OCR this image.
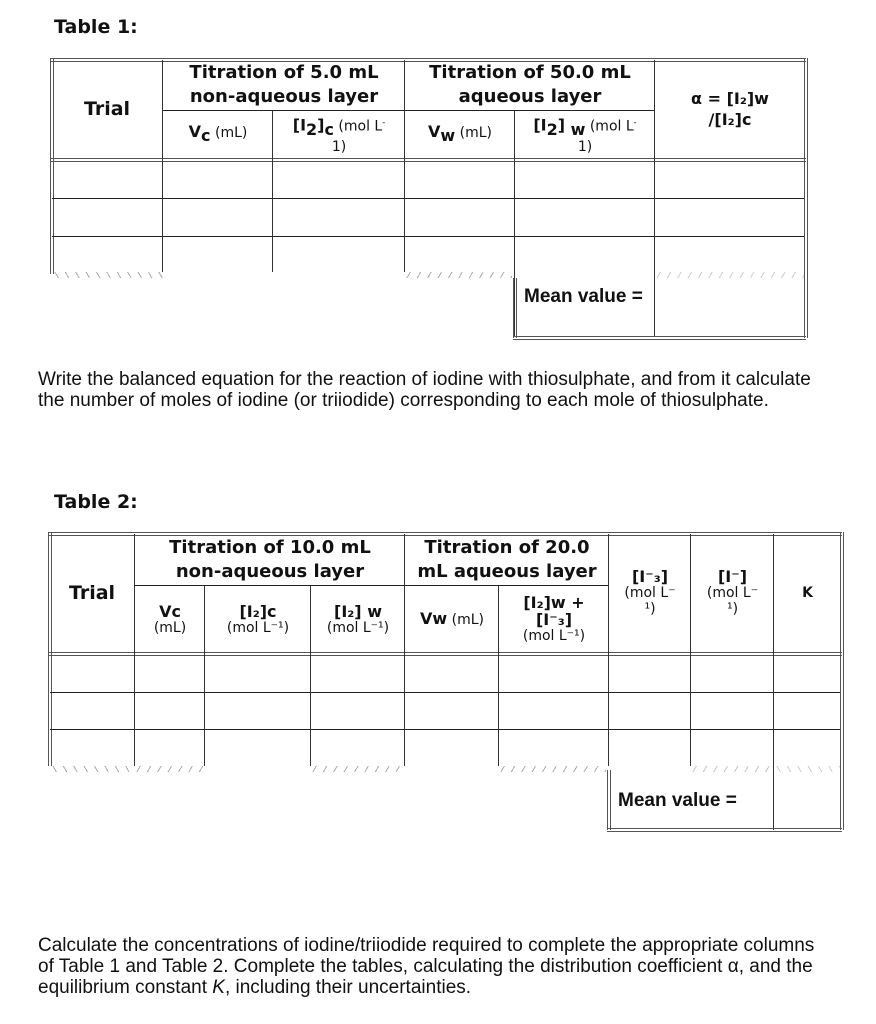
Table 1:
Trial
Titration of 5.0 mL non-aqueous layer
Titration of 50.0 mL aqueous layer
$V_c$ (mL)	$[I_2]_c$ (mol L-
1)
$V_w$ (mL)	$[I_2]$ $_w$ (mol L-
1)
α = [I₂]w
/[I₂]c
Mean value =
Write the balanced equation for the reaction of iodine with thiosulphate, and from it calculate the number of moles of iodine (or triiodide) corresponding to each mole of thiosulphate.
Table 2:
Trial
Titration of 10.0 mL non-aqueous layer
Titration of 20.0 mL aqueous layer
Vc
(mL)
[I₂]c
(mol L⁻¹)
[I₂] w
(mol L⁻¹) Vw (mL)
[I₂]w +
[I⁻₃]
(mol L⁻¹)
[I⁻₃]
(mol L⁻
¹)
[I⁻]
(mol L⁻
¹)
K
Mean value =
Calculate the concentrations of iodine/triiodide required to complete the appropriate columns of Table 1 and Table 2. Complete the tables, calculating the distribution coefficient α, and the equilibrium constant K, including their uncertainties.
